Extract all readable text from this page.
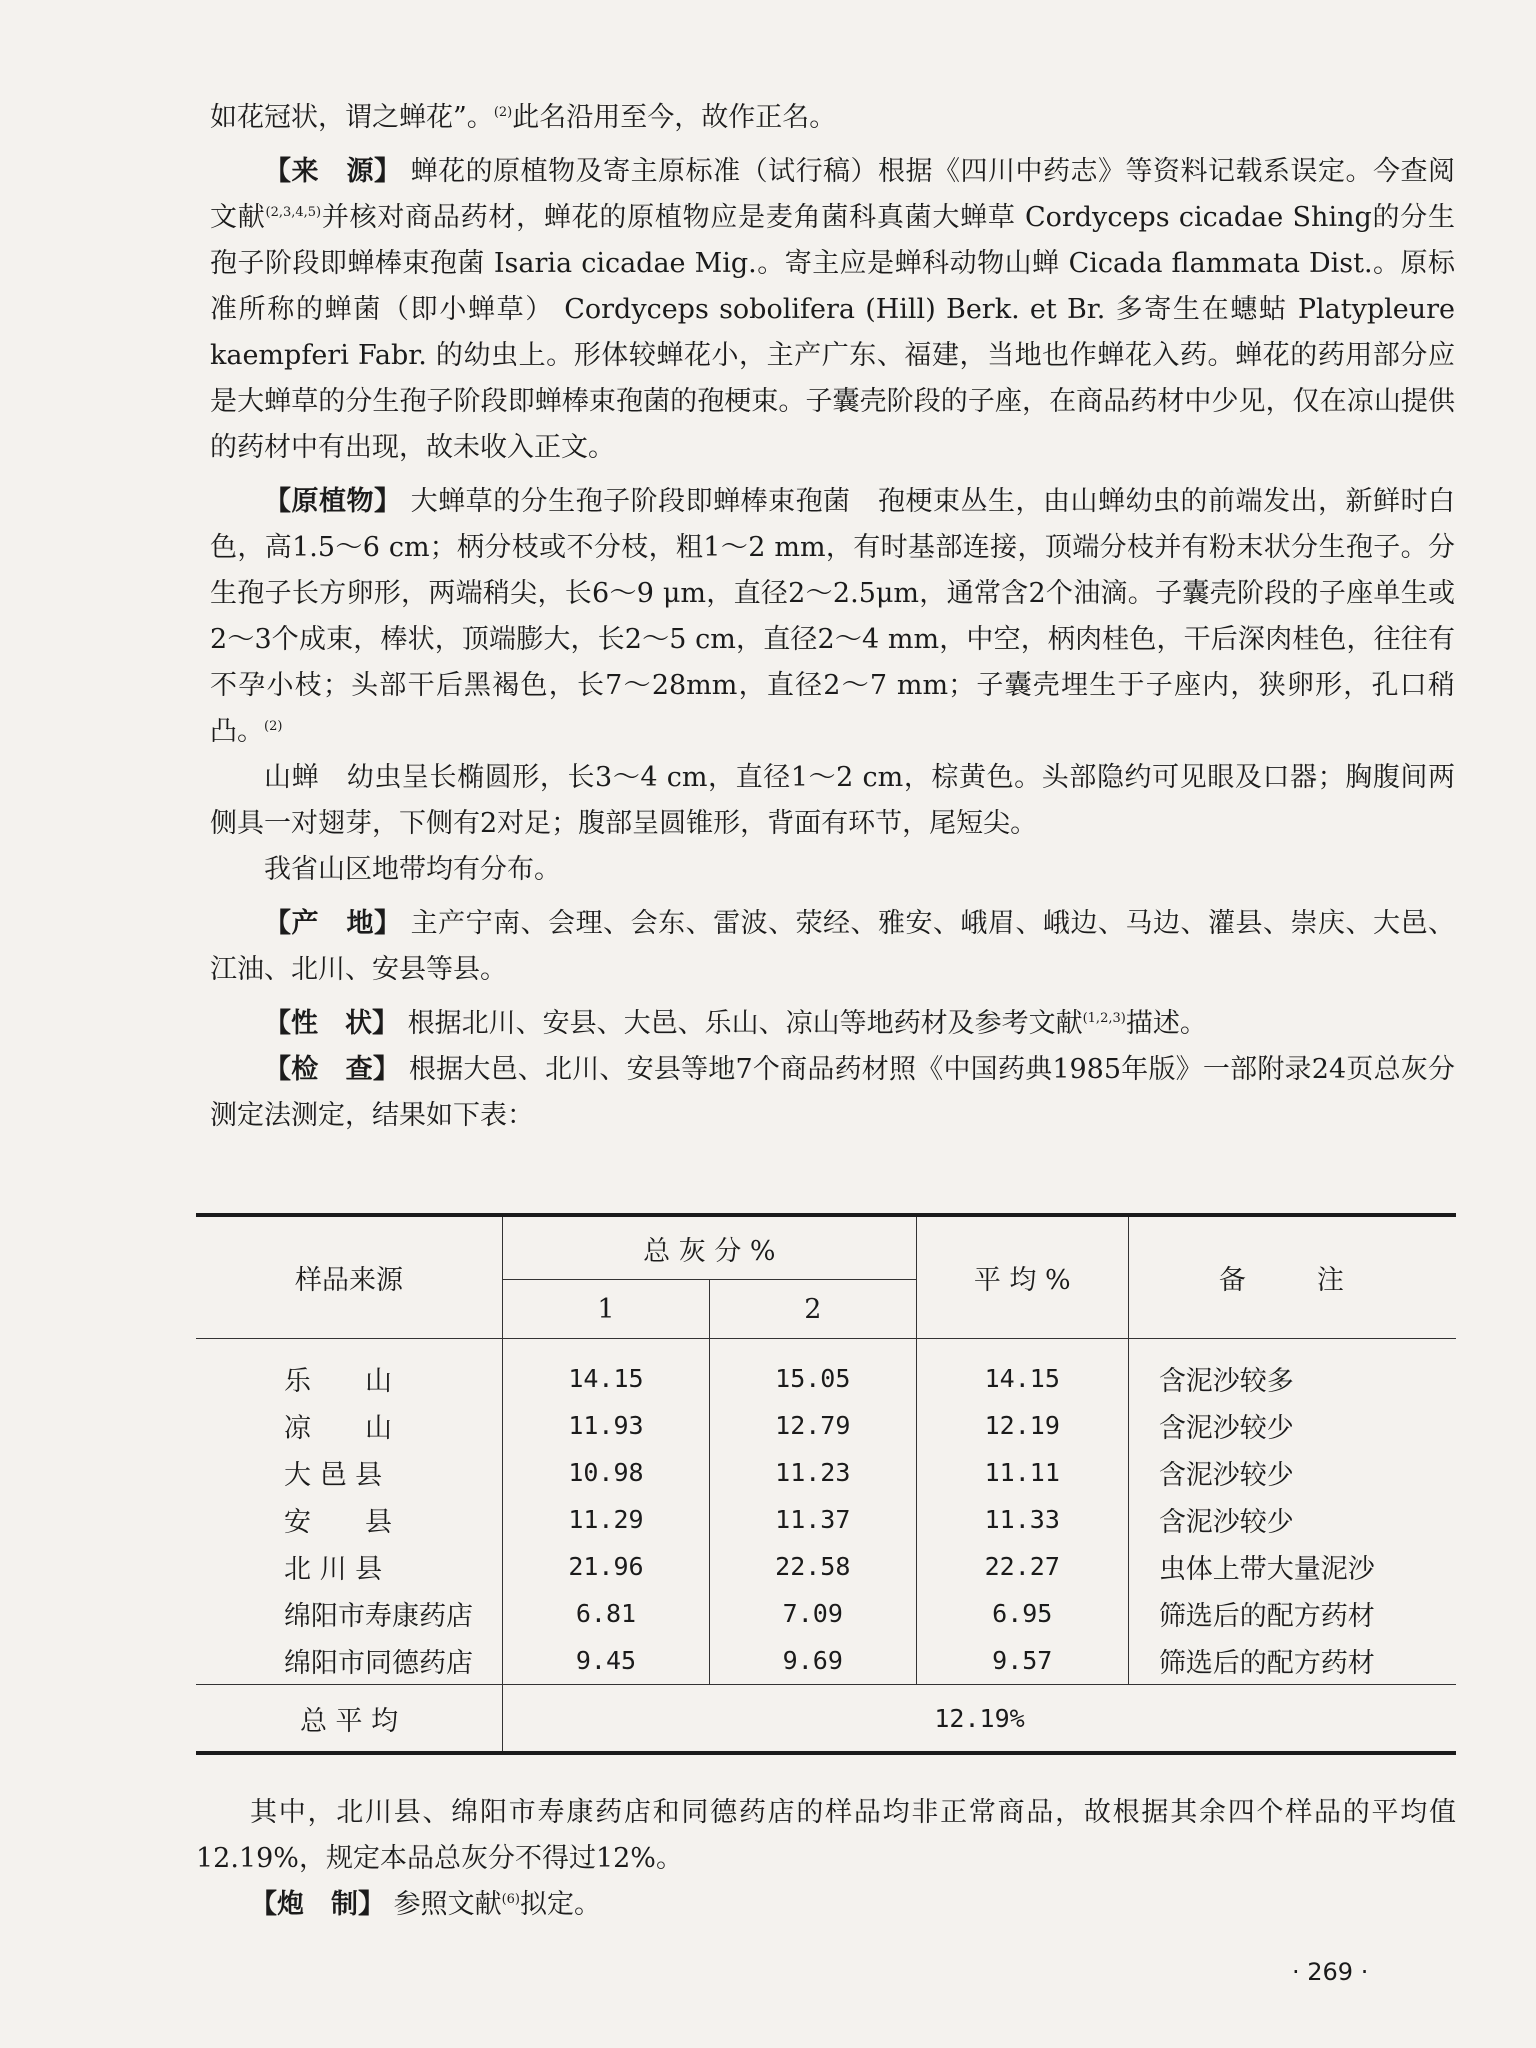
如花冠状，谓之蝉花”。$^{(2)}$此名沿用至今，故作正名。

【来　源】 蝉花的原植物及寄主原标准（试行稿）根据《四川中药志》等资料记载系误定。今查阅文献$^{(2,3,4,5)}$并核对商品药材，蝉花的原植物应是麦角菌科真菌大蝉草 Cordyceps cicadae Shing的分生孢子阶段即蝉棒束孢菌 Isaria cicadae Mig.。寄主应是蝉科动物山蝉 Cicada flammata Dist.。原标准所称的蝉菌（即小蝉草） Cordyceps sobolifera (Hill) Berk. et Br. 多寄生在蟪蛄 Platypleure kaempferi Fabr. 的幼虫上。形体较蝉花小，主产广东、福建，当地也作蝉花入药。蝉花的药用部分应是大蝉草的分生孢子阶段即蝉棒束孢菌的孢梗束。子囊壳阶段的子座，在商品药材中少见，仅在凉山提供的药材中有出现，故未收入正文。

【原植物】 大蝉草的分生孢子阶段即蝉棒束孢菌　孢梗束丛生，由山蝉幼虫的前端发出，新鲜时白色，高1.5～6 cm；柄分枝或不分枝，粗1～2 mm，有时基部连接，顶端分枝并有粉末状分生孢子。分生孢子长方卵形，两端稍尖，长6～9 μm，直径2～2.5μm，通常含2个油滴。子囊壳阶段的子座单生或2～3个成束，棒状，顶端膨大，长2～5 cm，直径2～4 mm，中空，柄肉桂色，干后深肉桂色，往往有不孕小枝；头部干后黑褐色，长7～28mm，直径2～7 mm；子囊壳埋生于子座内，狭卵形，孔口稍凸。$^{(2)}$

山蝉　幼虫呈长椭圆形，长3～4 cm，直径1～2 cm，棕黄色。头部隐约可见眼及口器；胸腹间两侧具一对翅芽，下侧有2对足；腹部呈圆锥形，背面有环节，尾短尖。

我省山区地带均有分布。

【产　地】 主产宁南、会理、会东、雷波、荥经、雅安、峨眉、峨边、马边、灌县、崇庆、大邑、江油、北川、安县等县。

【性　状】 根据北川、安县、大邑、乐山、凉山等地药材及参考文献$^{(1,2,3)}$描述。

【检　查】 根据大邑、北川、安县等地7个商品药材照《中国药典1985年版》一部附录24页总灰分测定法测定，结果如下表：

样品来源	总 灰 分 %		平 均 %	备　注
	1	2		
乐　　山	14.15	15.05	14.15	含泥沙较多
凉　　山	11.93	12.79	12.19	含泥沙较少
大 邑 县	10.98	11.23	11.11	含泥沙较少
安　　县	11.29	11.37	11.33	含泥沙较少
北 川 县	21.96	22.58	22.27	虫体上带大量泥沙
绵阳市寿康药店	6.81	7.09	6.95	筛选后的配方药材
绵阳市同德药店	9.45	9.69	9.57	筛选后的配方药材
总 平 均	12.19%			

其中，北川县、绵阳市寿康药店和同德药店的样品均非正常商品，故根据其余四个样品的平均值12.19%，规定本品总灰分不得过12%。

【炮　制】 参照文献$^{(6)}$拟定。

· 269 ·
